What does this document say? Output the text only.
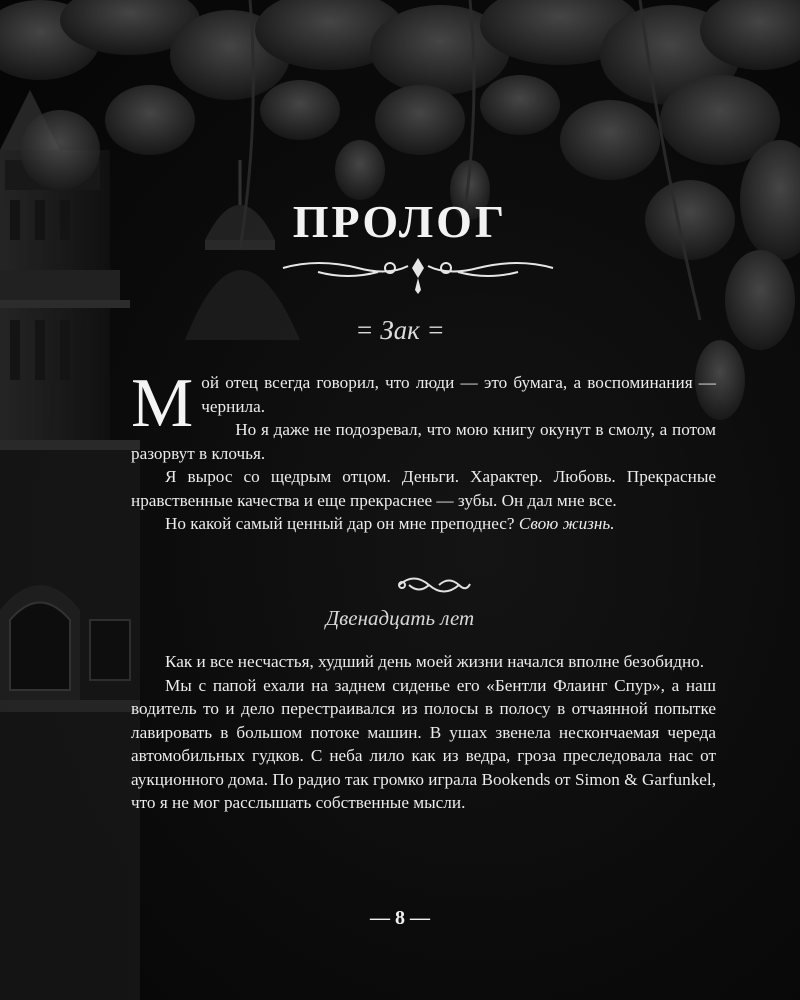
ПРОЛОГ
= Зак =

Мой отец всегда говорил, что люди — это бумага, а воспоминания — чернила.

Но я даже не подозревал, что мою книгу окунут в смолу, а потом разорвут в клочья.

Я вырос со щедрым отцом. Деньги. Характер. Любовь. Прекрасные нравственные качества и еще прекраснее — зубы. Он дал мне все.

Но какой самый ценный дар он мне преподнес? Свою жизнь.

Двенадцать лет

Как и все несчастья, худший день моей жизни начался вполне безобидно.

Мы с папой ехали на заднем сиденье его «Бентли Флаинг Спур», а наш водитель то и дело перестраивался из полосы в полосу в отчаянной попытке лавировать в большом потоке машин. В ушах звенела нескончаемая череда автомобильных гудков. С неба лило как из ведра, гроза преследовала нас от аукционного дома. По радио так громко играла Bookends от Simon & Garfunkel, что я не мог расслышать собственные мысли.

— 8 —
